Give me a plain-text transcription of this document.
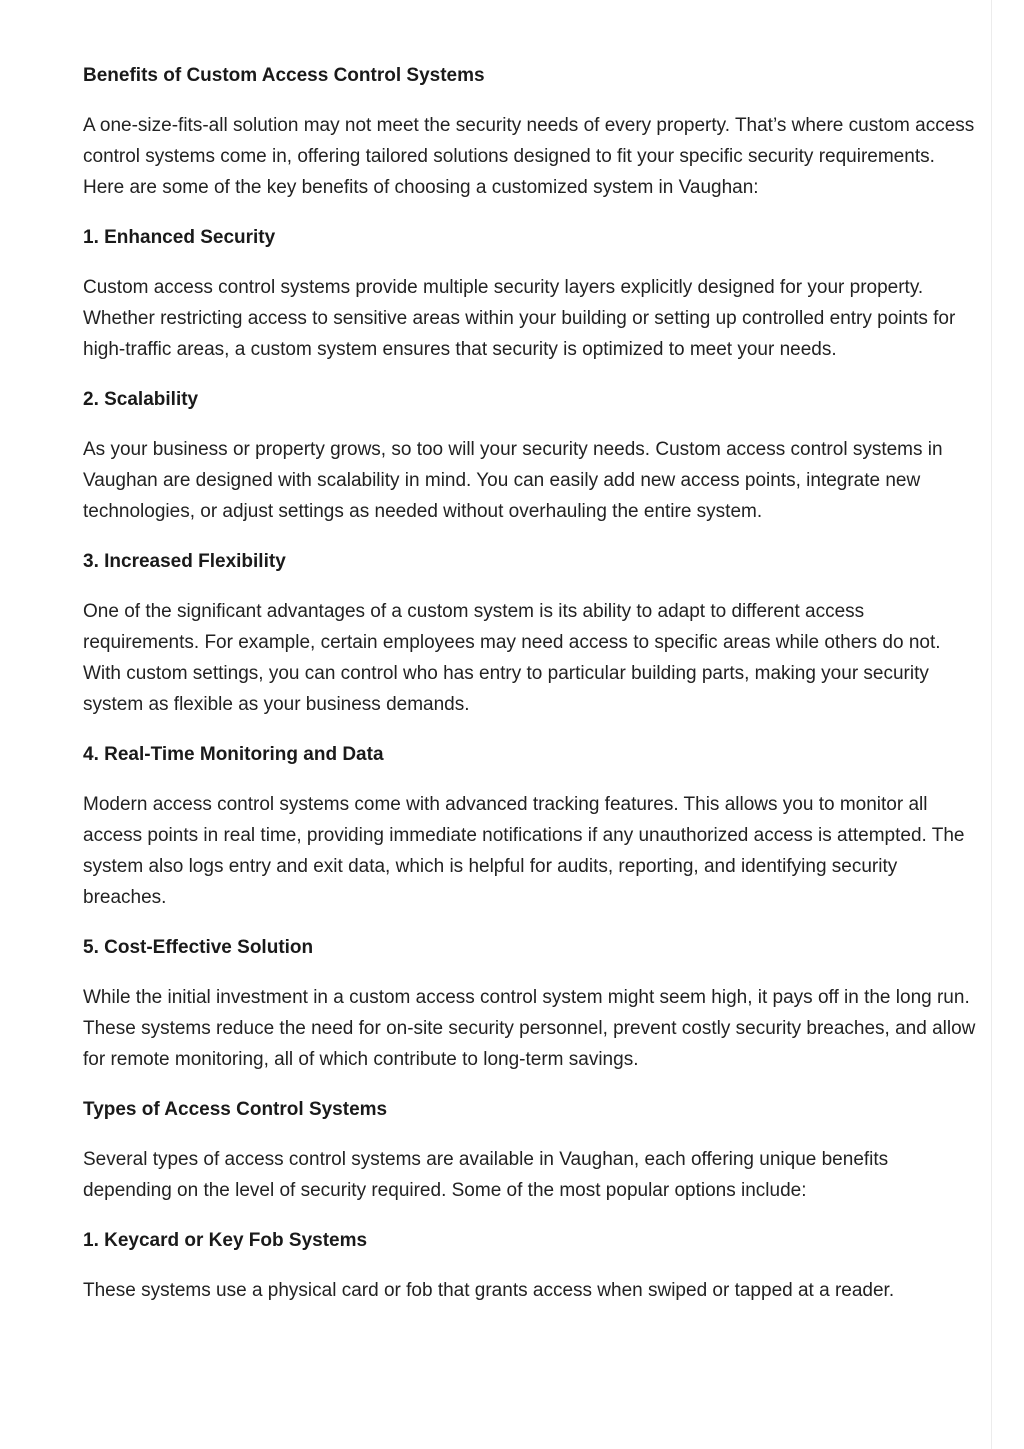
Benefits of Custom Access Control Systems

A one-size-fits-all solution may not meet the security needs of every property. That’s where custom access control systems come in, offering tailored solutions designed to fit your specific security requirements. Here are some of the key benefits of choosing a customized system in Vaughan:

1. Enhanced Security

Custom access control systems provide multiple security layers explicitly designed for your property. Whether restricting access to sensitive areas within your building or setting up controlled entry points for high-traffic areas, a custom system ensures that security is optimized to meet your needs.

2. Scalability

As your business or property grows, so too will your security needs. Custom access control systems in Vaughan are designed with scalability in mind. You can easily add new access points, integrate new technologies, or adjust settings as needed without overhauling the entire system.

3. Increased Flexibility

One of the significant advantages of a custom system is its ability to adapt to different access requirements. For example, certain employees may need access to specific areas while others do not. With custom settings, you can control who has entry to particular building parts, making your security system as flexible as your business demands.

4. Real-Time Monitoring and Data

Modern access control systems come with advanced tracking features. This allows you to monitor all access points in real time, providing immediate notifications if any unauthorized access is attempted. The system also logs entry and exit data, which is helpful for audits, reporting, and identifying security breaches.

5. Cost-Effective Solution

While the initial investment in a custom access control system might seem high, it pays off in the long run. These systems reduce the need for on-site security personnel, prevent costly security breaches, and allow for remote monitoring, all of which contribute to long-term savings.

Types of Access Control Systems

Several types of access control systems are available in Vaughan, each offering unique benefits depending on the level of security required. Some of the most popular options include:

1. Keycard or Key Fob Systems

These systems use a physical card or fob that grants access when swiped or tapped at a reader.
